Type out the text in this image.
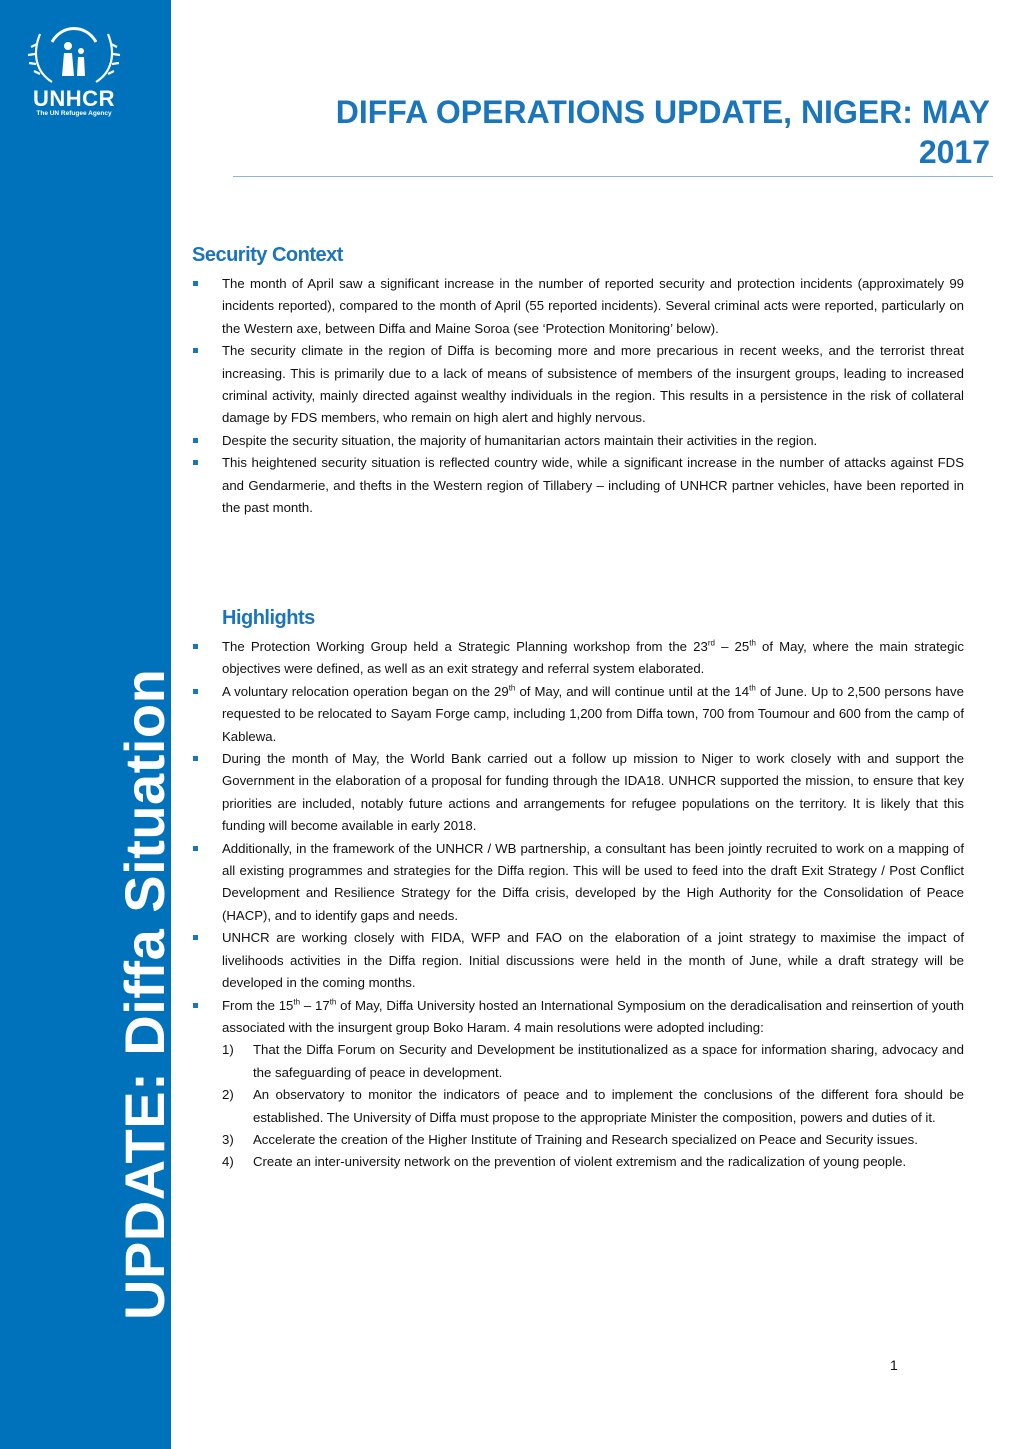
UNHCR
The UN Refugee Agency
UPDATE: Diffa Situation
DIFFA OPERATIONS UPDATE, NIGER: MAY
2017
Security Context
The month of April saw a significant increase in the number of reported security and protection incidents (approximately 99 incidents reported), compared to the month of April (55 reported incidents). Several criminal acts were reported, particularly on the Western axe, between Diffa and Maine Soroa (see ‘Protection Monitoring’ below).
The security climate in the region of Diffa is becoming more and more precarious in recent weeks, and the terrorist threat increasing. This is primarily due to a lack of means of subsistence of members of the insurgent groups, leading to increased criminal activity, mainly directed against wealthy individuals in the region. This results in a persistence in the risk of collateral damage by FDS members, who remain on high alert and highly nervous.
Despite the security situation, the majority of humanitarian actors maintain their activities in the region.
This heightened security situation is reflected country wide, while a significant increase in the number of attacks against FDS and Gendarmerie, and thefts in the Western region of Tillabery – including of UNHCR partner vehicles, have been reported in the past month.
Highlights
The Protection Working Group held a Strategic Planning workshop from the 23rd – 25th of May, where the main strategic objectives were defined, as well as an exit strategy and referral system elaborated.
A voluntary relocation operation began on the 29th of May, and will continue until at the 14th of June. Up to 2,500 persons have requested to be relocated to Sayam Forge camp, including 1,200 from Diffa town, 700 from Toumour and 600 from the camp of Kablewa.
During the month of May, the World Bank carried out a follow up mission to Niger to work closely with and support the Government in the elaboration of a proposal for funding through the IDA18. UNHCR supported the mission, to ensure that key priorities are included, notably future actions and arrangements for refugee populations on the territory. It is likely that this funding will become available in early 2018.
Additionally, in the framework of the UNHCR / WB partnership, a consultant has been jointly recruited to work on a mapping of all existing programmes and strategies for the Diffa region. This will be used to feed into the draft Exit Strategy / Post Conflict Development and Resilience Strategy for the Diffa crisis, developed by the High Authority for the Consolidation of Peace (HACP), and to identify gaps and needs.
UNHCR are working closely with FIDA, WFP and FAO on the elaboration of a joint strategy to maximise the impact of livelihoods activities in the Diffa region. Initial discussions were held in the month of June, while a draft strategy will be developed in the coming months.
From the 15th – 17th of May, Diffa University hosted an International Symposium on the deradicalisation and reinsertion of youth associated with the insurgent group Boko Haram. 4 main resolutions were adopted including:
1) That the Diffa Forum on Security and Development be institutionalized as a space for information sharing, advocacy and the safeguarding of peace in development.
2) An observatory to monitor the indicators of peace and to implement the conclusions of the different fora should be established. The University of Diffa must propose to the appropriate Minister the composition, powers and duties of it.
3) Accelerate the creation of the Higher Institute of Training and Research specialized on Peace and Security issues.
4) Create an inter-university network on the prevention of violent extremism and the radicalization of young people.
1
